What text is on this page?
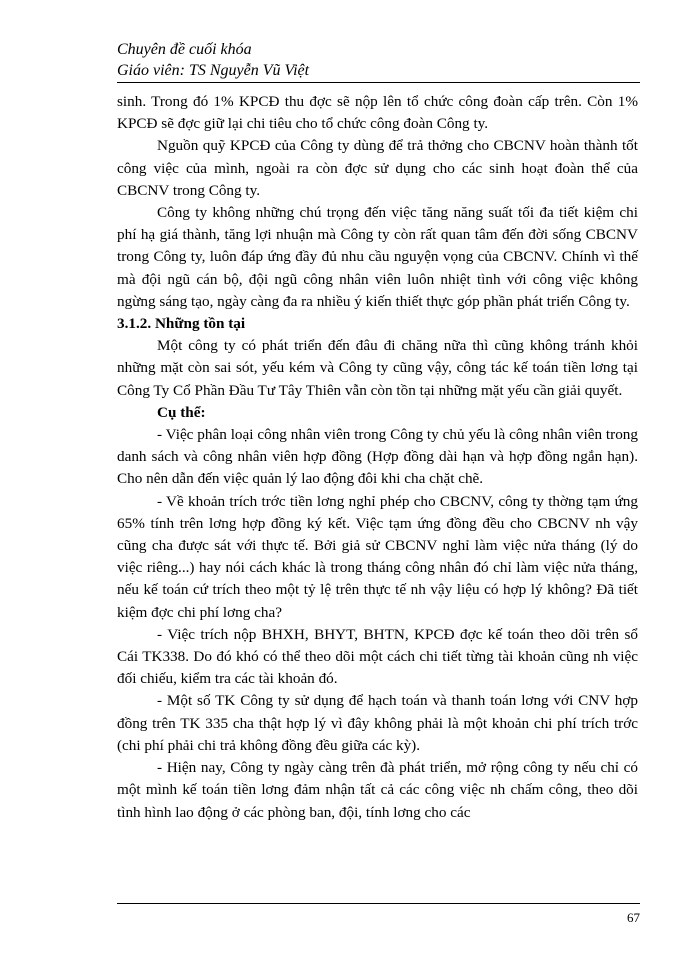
Chuyên đề cuối khóa
Giáo viên: TS Nguyễn Vũ Việt

sinh. Trong đó 1% KPCĐ thu đợc sẽ nộp lên tổ chức công đoàn cấp trên. Còn 1% KPCĐ sẽ đợc giữ lại chi tiêu cho tổ chức công đoàn Công ty.

Nguồn quỹ KPCĐ của Công ty dùng để trả thởng cho CBCNV hoàn thành tốt công việc của mình, ngoài ra còn đợc sử dụng cho các sinh hoạt đoàn thể của CBCNV trong Công ty.

Công ty không những chú trọng đến việc tăng năng suất tối đa tiết kiệm chi phí hạ giá thành, tăng lợi nhuận mà Công ty còn rất quan tâm đến đời sống CBCNV trong Công ty, luôn đáp ứng đầy đủ nhu cầu nguyện vọng của CBCNV. Chính vì thế mà đội ngũ cán bộ, đội ngũ công nhân viên luôn nhiệt tình với công việc không ngừng sáng tạo, ngày càng đa ra nhiều ý kiến thiết thực góp phần phát triển Công ty.

3.1.2. Những tồn tại

Một công ty có phát triển đến đâu đi chăng nữa thì cũng không tránh khỏi những mặt còn sai sót, yếu kém và Công ty cũng vậy, công tác kế toán tiền lơng tại Công Ty Cổ Phần Đầu Tư Tây Thiên vẫn còn tồn tại những mặt yếu cần giải quyết.

Cụ thể:

- Việc phân loại công nhân viên trong Công ty chủ yếu là công nhân viên trong danh sách và công nhân viên hợp đồng (Hợp đồng dài hạn và hợp đồng ngắn hạn). Cho nên dẫn đến việc quản lý lao động đôi khi cha chặt chẽ.

- Về khoản trích trớc tiền lơng nghỉ phép cho CBCNV, công ty thờng tạm ứng 65% tính trên lơng hợp đồng ký kết. Việc tạm ứng đồng đều cho CBCNV nh vậy cũng cha được sát với thực tế. Bởi giả sử CBCNV nghỉ làm việc nửa tháng (lý do việc riêng...) hay nói cách khác là trong tháng công nhân đó chỉ làm việc nửa tháng, nếu kế toán cứ trích theo một tỷ lệ trên thực tế nh vậy liệu có hợp lý không? Đã tiết kiệm đợc chi phí lơng cha?

- Việc trích nộp BHXH, BHYT, BHTN, KPCĐ đợc kế toán theo dõi trên sổ Cái TK338. Do đó khó có thể theo dõi một cách chi tiết từng tài khoản cũng nh việc đối chiếu, kiểm tra các tài khoản đó.

- Một số TK Công ty sử dụng để hạch toán và thanh toán lơng với CNV hợp đồng trên TK 335 cha thật hợp lý vì đây không phải là một khoản chi phí trích trớc (chi phí phải chi trả không đồng đều giữa các kỳ).

- Hiện nay, Công ty ngày càng trên đà phát triển, mở rộng công ty nếu chỉ có một mình kế toán tiền lơng đảm nhận tất cả các công việc nh chấm công, theo dõi tình hình lao động ở các phòng ban, đội, tính lơng cho các

67
